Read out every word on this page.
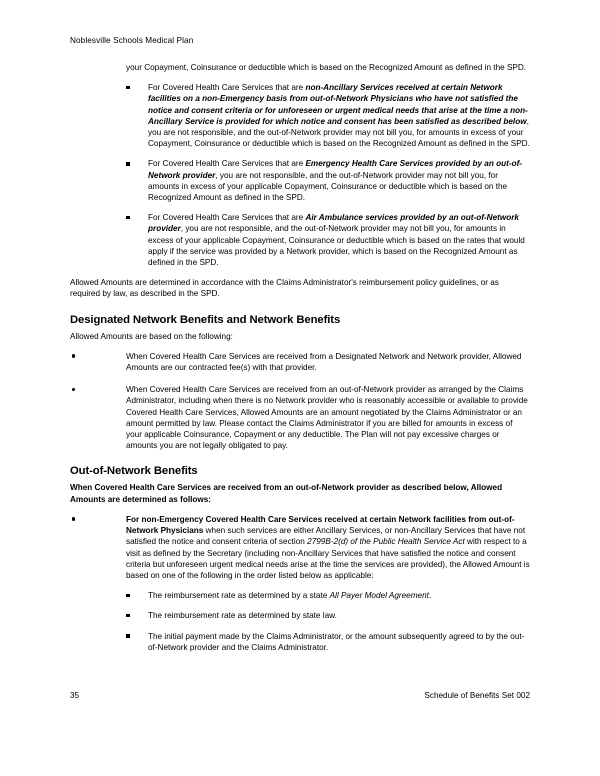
Noblesville Schools Medical Plan
your Copayment, Coinsurance or deductible which is based on the Recognized Amount as defined in the SPD.
For Covered Health Care Services that are non-Ancillary Services received at certain Network facilities on a non-Emergency basis from out-of-Network Physicians who have not satisfied the notice and consent criteria or for unforeseen or urgent medical needs that arise at the time a non-Ancillary Service is provided for which notice and consent has been satisfied as described below, you are not responsible, and the out-of-Network provider may not bill you, for amounts in excess of your Copayment, Coinsurance or deductible which is based on the Recognized Amount as defined in the SPD.
For Covered Health Care Services that are Emergency Health Care Services provided by an out-of-Network provider, you are not responsible, and the out-of-Network provider may not bill you, for amounts in excess of your applicable Copayment, Coinsurance or deductible which is based on the Recognized Amount as defined in the SPD.
For Covered Health Care Services that are Air Ambulance services provided by an out-of-Network provider, you are not responsible, and the out-of-Network provider may not bill you, for amounts in excess of your applicable Copayment, Coinsurance or deductible which is based on the rates that would apply if the service was provided by a Network provider, which is based on the Recognized Amount as defined in the SPD.

Allowed Amounts are determined in accordance with the Claims Administrator's reimbursement policy guidelines, or as required by law, as described in the SPD.

Designated Network Benefits and Network Benefits

Allowed Amounts are based on the following:

When Covered Health Care Services are received from a Designated Network and Network provider, Allowed Amounts are our contracted fee(s) with that provider.
When Covered Health Care Services are received from an out-of-Network provider as arranged by the Claims Administrator, including when there is no Network provider who is reasonably accessible or available to provide Covered Health Care Services, Allowed Amounts are an amount negotiated by the Claims Administrator or an amount permitted by law. Please contact the Claims Administrator if you are billed for amounts in excess of your applicable Coinsurance, Copayment or any deductible. The Plan will not pay excessive charges or amounts you are not legally obligated to pay.
Out-of-Network Benefits

When Covered Health Care Services are received from an out-of-Network provider as described below, Allowed Amounts are determined as follows:

For non-Emergency Covered Health Care Services received at certain Network facilities from out-of-Network Physicians when such services are either Ancillary Services, or non-Ancillary Services that have not satisfied the notice and consent criteria of section 2799B-2(d) of the Public Health Service Act with respect to a visit as defined by the Secretary (including non-Ancillary Services that have satisfied the notice and consent criteria but unforeseen urgent medical needs arise at the time the services are provided), the Allowed Amount is based on one of the following in the order listed below as applicable:
The reimbursement rate as determined by a state All Payer Model Agreement.
The reimbursement rate as determined by state law.
The initial payment made by the Claims Administrator, or the amount subsequently agreed to by the out-of-Network provider and the Claims Administrator.
35	Schedule of Benefits Set 002
